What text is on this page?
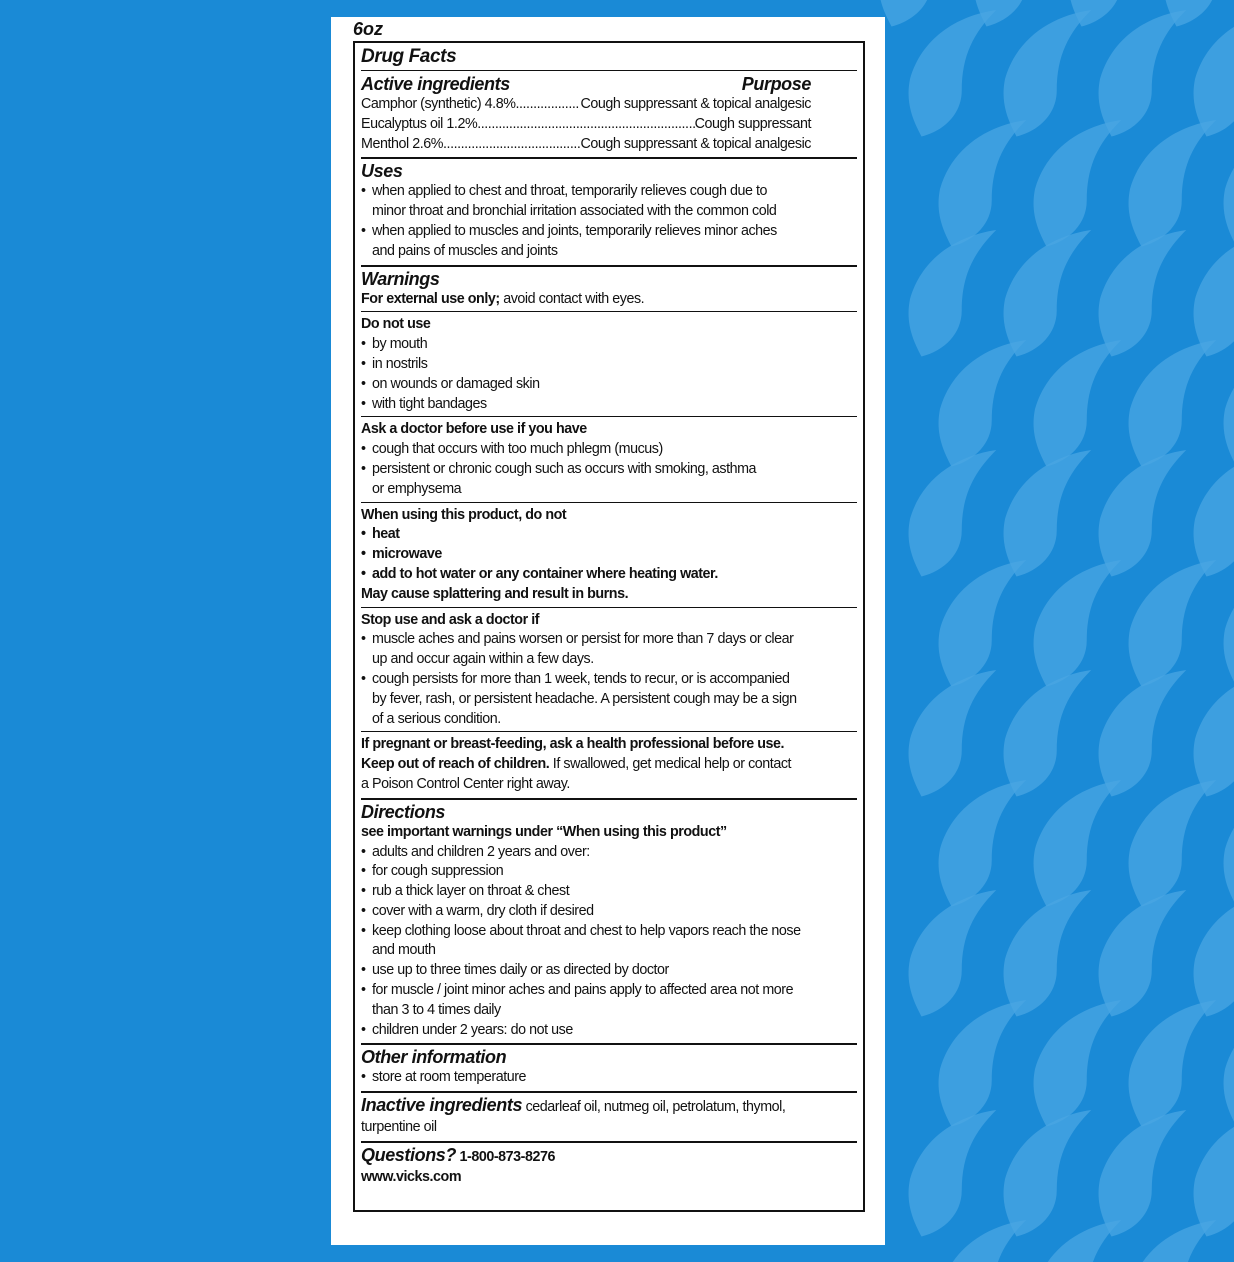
6oz
Drug Facts
Active ingredients	Purpose
Camphor (synthetic) 4.8% .....	Cough suppressant & topical analgesic
Eucalyptus oil 1.2% .....	Cough suppressant
Menthol 2.6% .....	Cough suppressant & topical analgesic
Uses
• when applied to chest and throat, temporarily relieves cough due to
minor throat and bronchial irritation associated with the common cold
• when applied to muscles and joints, temporarily relieves minor aches
and pains of muscles and joints
Warnings
For external use only; avoid contact with eyes.
Do not use
• by mouth
• in nostrils
• on wounds or damaged skin
• with tight bandages
Ask a doctor before use if you have
• cough that occurs with too much phlegm (mucus)
• persistent or chronic cough such as occurs with smoking, asthma
or emphysema
When using this product, do not
• heat
• microwave
• add to hot water or any container where heating water.
May cause splattering and result in burns.
Stop use and ask a doctor if
• muscle aches and pains worsen or persist for more than 7 days or clear
up and occur again within a few days.
• cough persists for more than 1 week, tends to recur, or is accompanied
by fever, rash, or persistent headache. A persistent cough may be a sign
of a serious condition.
If pregnant or breast-feeding, ask a health professional before use.
Keep out of reach of children. If swallowed, get medical help or contact
a Poison Control Center right away.
Directions
see important warnings under “When using this product”
• adults and children 2 years and over:
• for cough suppression
• rub a thick layer on throat & chest
• cover with a warm, dry cloth if desired
• keep clothing loose about throat and chest to help vapors reach the nose
and mouth
• use up to three times daily or as directed by doctor
• for muscle / joint minor aches and pains apply to affected area not more
than 3 to 4 times daily
• children under 2 years: do not use
Other information
• store at room temperature
Inactive ingredients cedarleaf oil, nutmeg oil, petrolatum, thymol,
turpentine oil
Questions? 1-800-873-8276
www.vicks.com
